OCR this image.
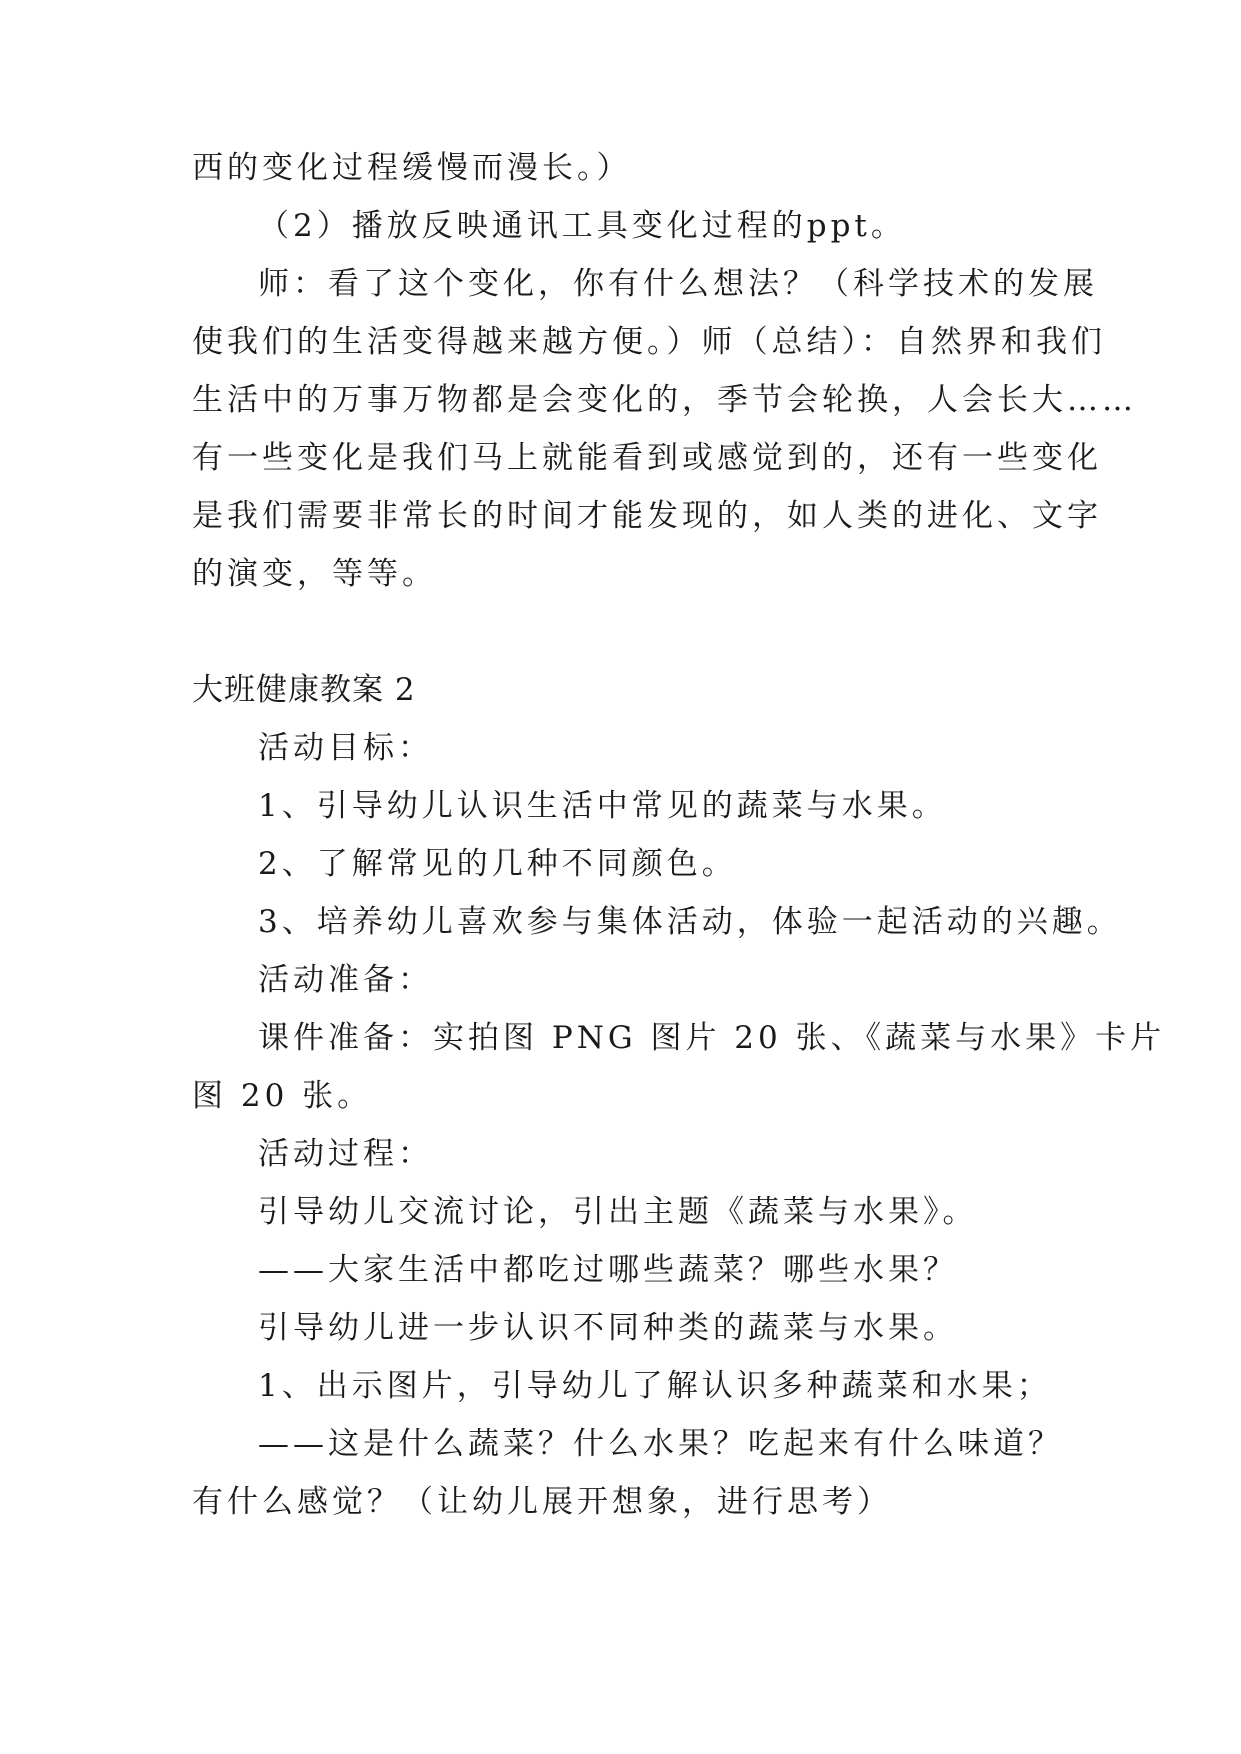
西的变化过程缓慢而漫长。）
（2）播放反映通讯工具变化过程的ppt。
师：看了这个变化，你有什么想法？（科学技术的发展
使我们的生活变得越来越方便。）师（总结）：自然界和我们
生活中的万事万物都是会变化的，季节会轮换，人会长大……
有一些变化是我们马上就能看到或感觉到的，还有一些变化
是我们需要非常长的时间才能发现的，如人类的进化、文字
的演变，等等。
大班健康教案 2
活动目标：
1、引导幼儿认识生活中常见的蔬菜与水果。
2、了解常见的几种不同颜色。
3、培养幼儿喜欢参与集体活动，体验一起活动的兴趣。
活动准备：
课件准备：实拍图 PNG 图片 20 张、《蔬菜与水果》卡片
图 20 张。
活动过程：
引导幼儿交流讨论，引出主题《蔬菜与水果》。
——大家生活中都吃过哪些蔬菜？哪些水果？
引导幼儿进一步认识不同种类的蔬菜与水果。
1、出示图片，引导幼儿了解认识多种蔬菜和水果；
——这是什么蔬菜？什么水果？吃起来有什么味道？
有什么感觉？（让幼儿展开想象，进行思考）
